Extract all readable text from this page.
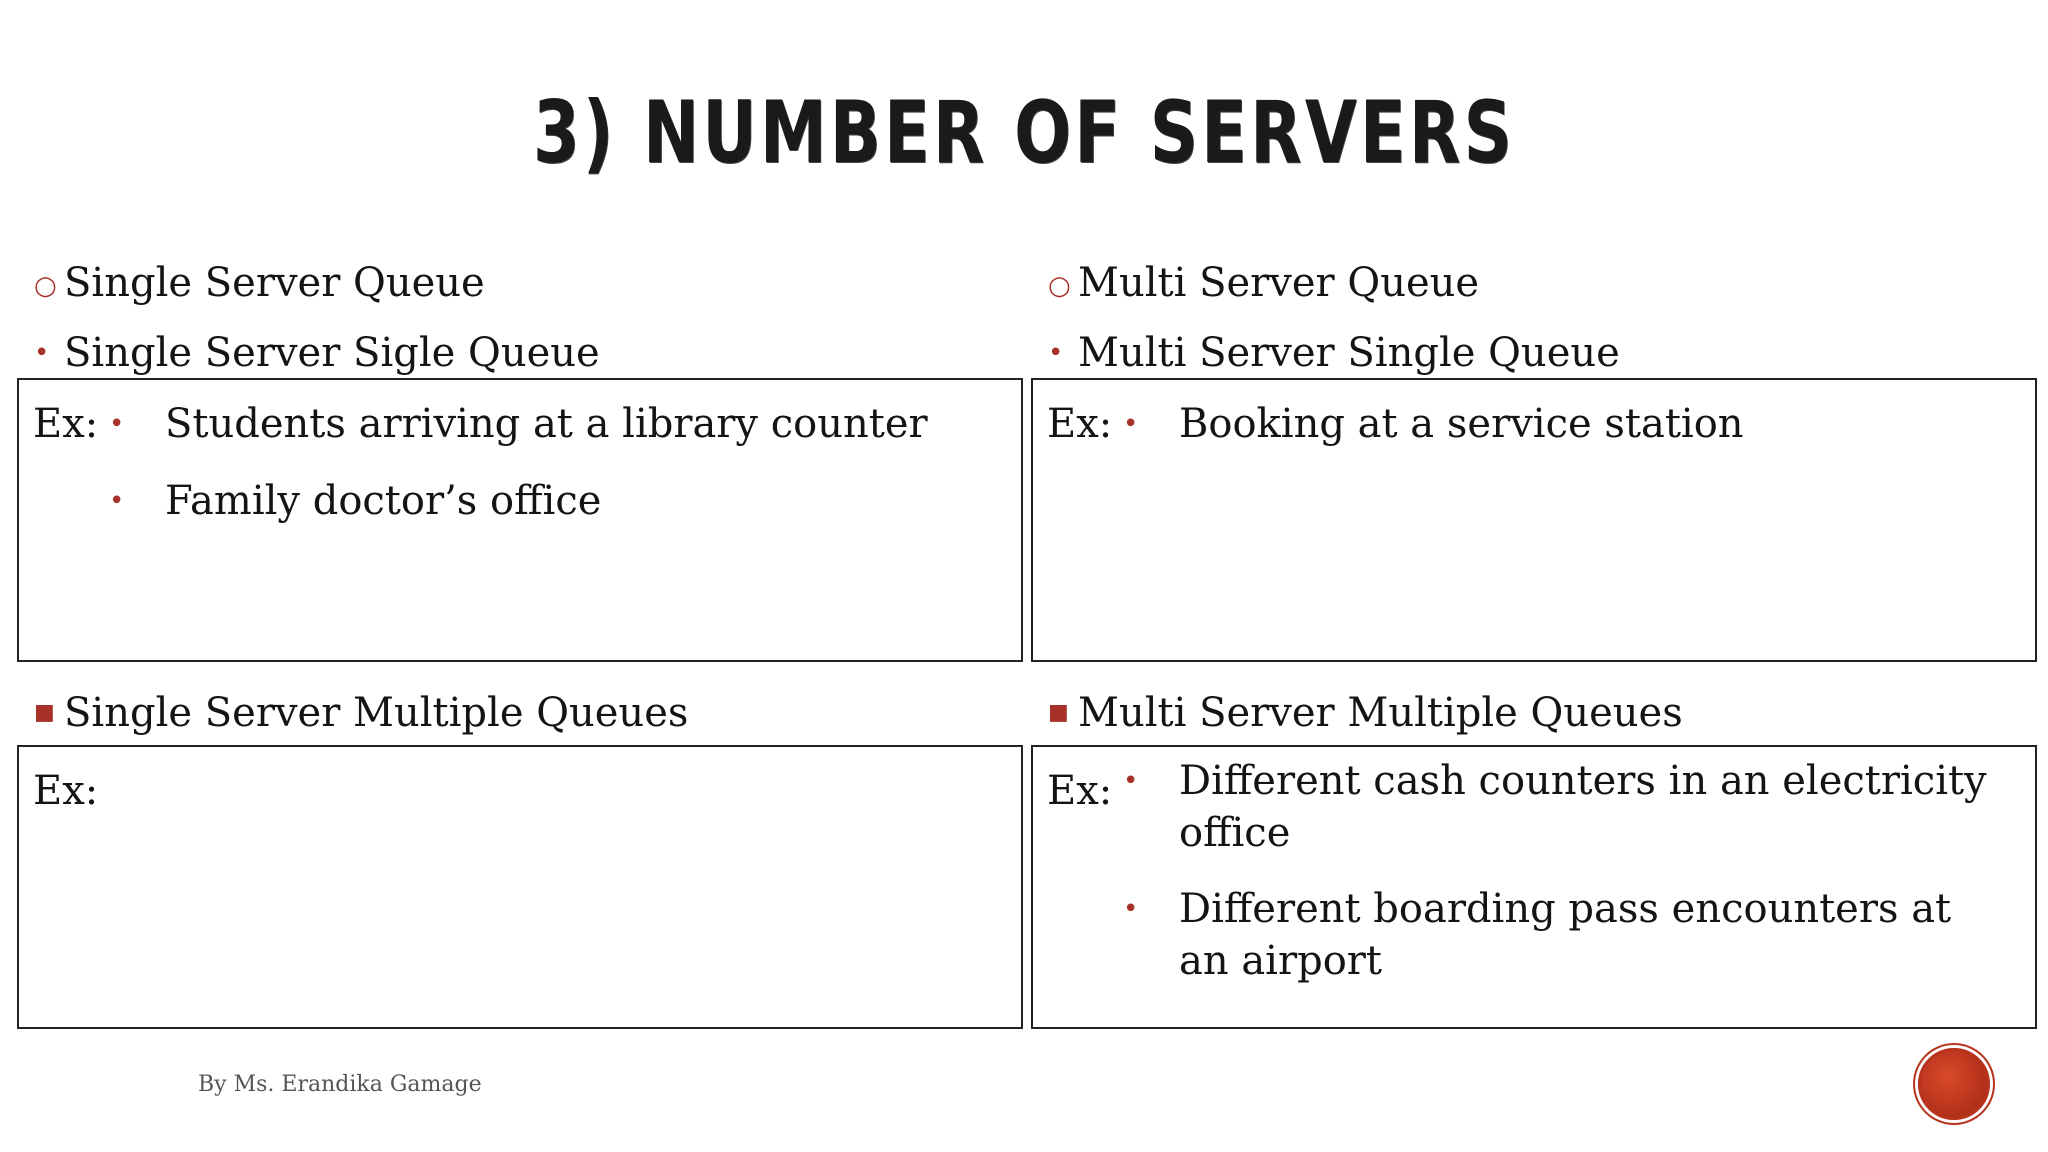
3) NUMBER OF SERVERS
○ Single Server Queue
• Single Server Sigle Queue
Ex: •	Students arriving at a library counter
•	Family doctor’s office
■ Single Server Multiple Queues
Ex:
○ Multi Server Queue
• Multi Server Single Queue
Ex: •	Booking at a service station
■ Multi Server Multiple Queues
Ex: •	Different cash counters in an electricity office
•	Different boarding pass encounters at an airport
By Ms. Erandika Gamage
